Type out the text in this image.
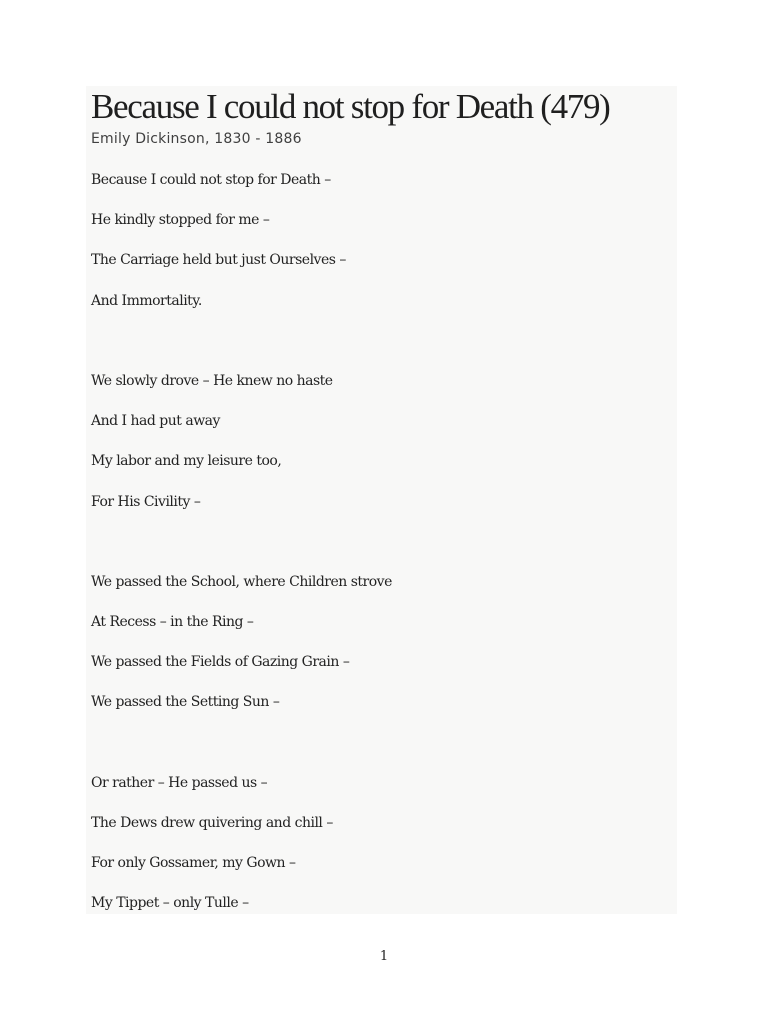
Because I could not stop for Death (479)

Emily Dickinson, 1830 - 1886

Because I could not stop for Death –
He kindly stopped for me –
The Carriage held but just Ourselves –
And Immortality.
We slowly drove – He knew no haste
And I had put away
My labor and my leisure too,
For His Civility –
We passed the School, where Children strove
At Recess – in the Ring –
We passed the Fields of Gazing Grain –
We passed the Setting Sun –
Or rather – He passed us –
The Dews drew quivering and chill –
For only Gossamer, my Gown –
My Tippet – only Tulle –
1
